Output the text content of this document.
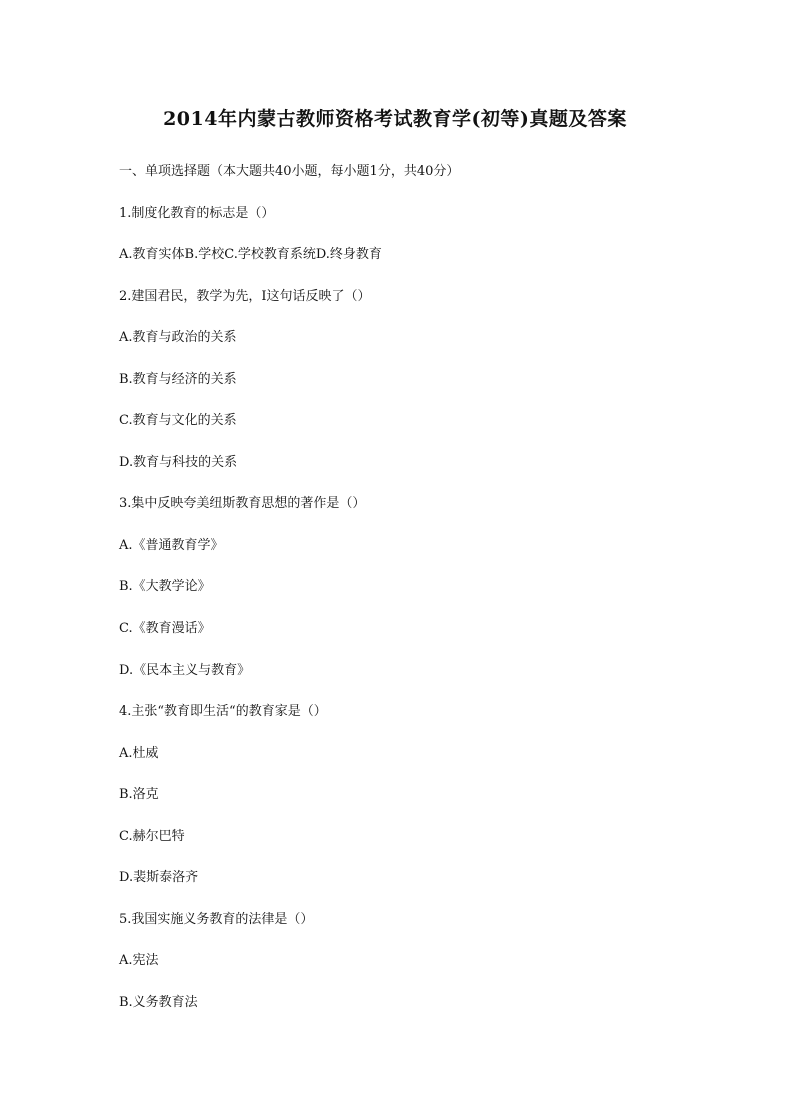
2014年内蒙古教师资格考试教育学(初等)真题及答案
一、单项选择题（本大题共40小题，每小题1分，共40分）
1.制度化教育的标志是（）
A.教育实体B.学校C.学校教育系统D.终身教育
2.建国君民，教学为先，I这句话反映了（）
A.教育与政治的关系
B.教育与经济的关系
C.教育与文化的关系
D.教育与科技的关系
3.集中反映夸美纽斯教育思想的著作是（）
A.《普通教育学》
B.《大教学论》
C.《教育漫话》
D.《民本主义与教育》
4.主张“教育即生活“的教育家是（）
A.杜威
B.洛克
C.赫尔巴特
D.裴斯泰洛齐
5.我国实施义务教育的法律是（）
A.宪法
B.义务教育法
